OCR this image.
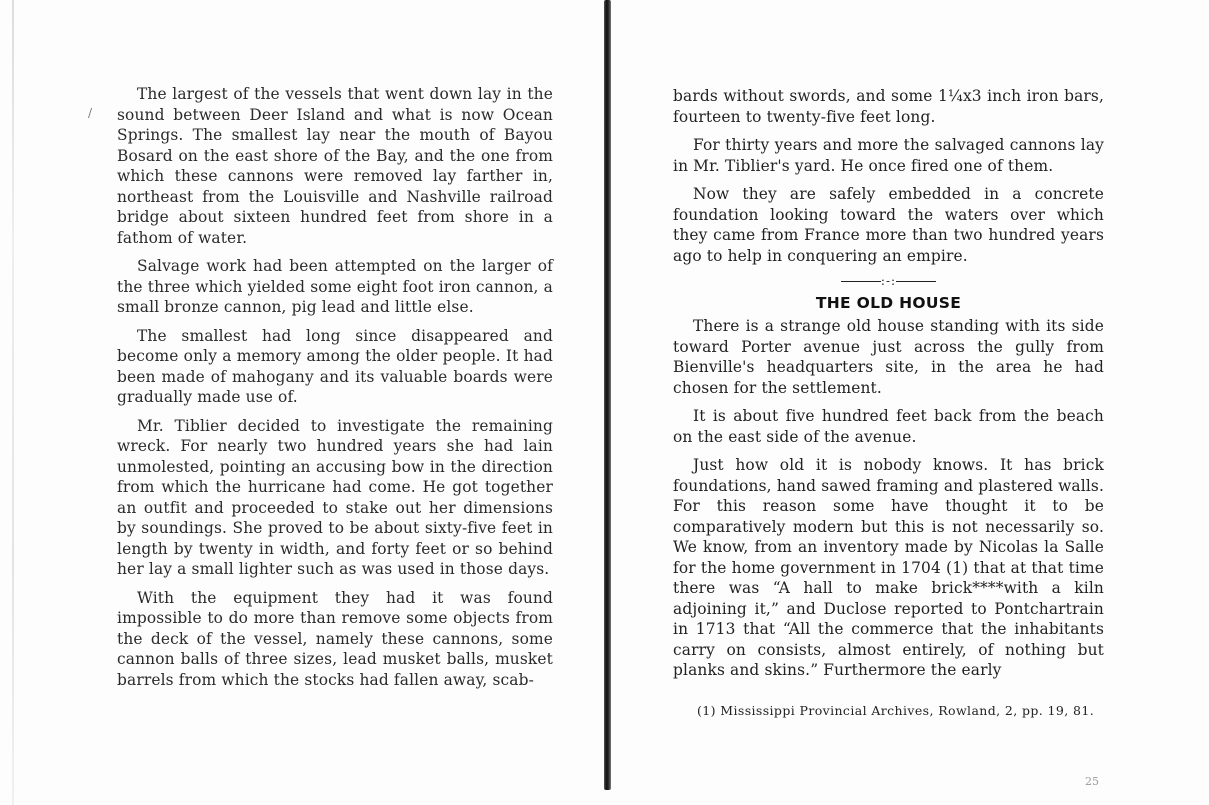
/

The largest of the vessels that went down lay in the sound between Deer Island and what is now Ocean Springs. The smallest lay near the mouth of Bayou Bosard on the east shore of the Bay, and the one from which these cannons were removed lay farther in, northeast from the Louisville and Nashville railroad bridge about sixteen hundred feet from shore in a fathom of water.

Salvage work had been attempted on the larger of the three which yielded some eight foot iron cannon, a small bronze cannon, pig lead and little else.

The smallest had long since disappeared and become only a memory among the older people. It had been made of mahogany and its valuable boards were gradually made use of.

Mr. Tiblier decided to investigate the remaining wreck. For nearly two hundred years she had lain unmolested, pointing an accusing bow in the direction from which the hurricane had come. He got together an outfit and proceeded to stake out her dimensions by soundings. She proved to be about sixty-five feet in length by twenty in width, and forty feet or so behind her lay a small lighter such as was used in those days.

With the equipment they had it was found impossible to do more than remove some objects from the deck of the vessel, namely these cannons, some cannon balls of three sizes, lead musket balls, musket barrels from which the stocks had fallen away, scab-

bards without swords, and some 1¼x3 inch iron bars, fourteen to twenty-five feet long.

For thirty years and more the salvaged cannons lay in Mr. Tiblier's yard. He once fired one of them.

Now they are safely embedded in a concrete foundation looking toward the waters over which they came from France more than two hundred years ago to help in conquering an empire.

:-:
THE OLD HOUSE

There is a strange old house standing with its side toward Porter avenue just across the gully from Bienville's headquarters site, in the area he had chosen for the settlement.

It is about five hundred feet back from the beach on the east side of the avenue.

Just how old it is nobody knows. It has brick foundations, hand sawed framing and plastered walls. For this reason some have thought it to be comparatively modern but this is not necessarily so. We know, from an inventory made by Nicolas la Salle for the home government in 1704 (1) that at that time there was “A hall to make brick****with a kiln adjoining it,” and Duclose reported to Pontchartrain in 1713 that “All the commerce that the inhabitants carry on consists, almost entirely, of nothing but planks and skins.” Furthermore the early

(1) Mississippi Provincial Archives, Rowland, 2, pp. 19, 81.
25
